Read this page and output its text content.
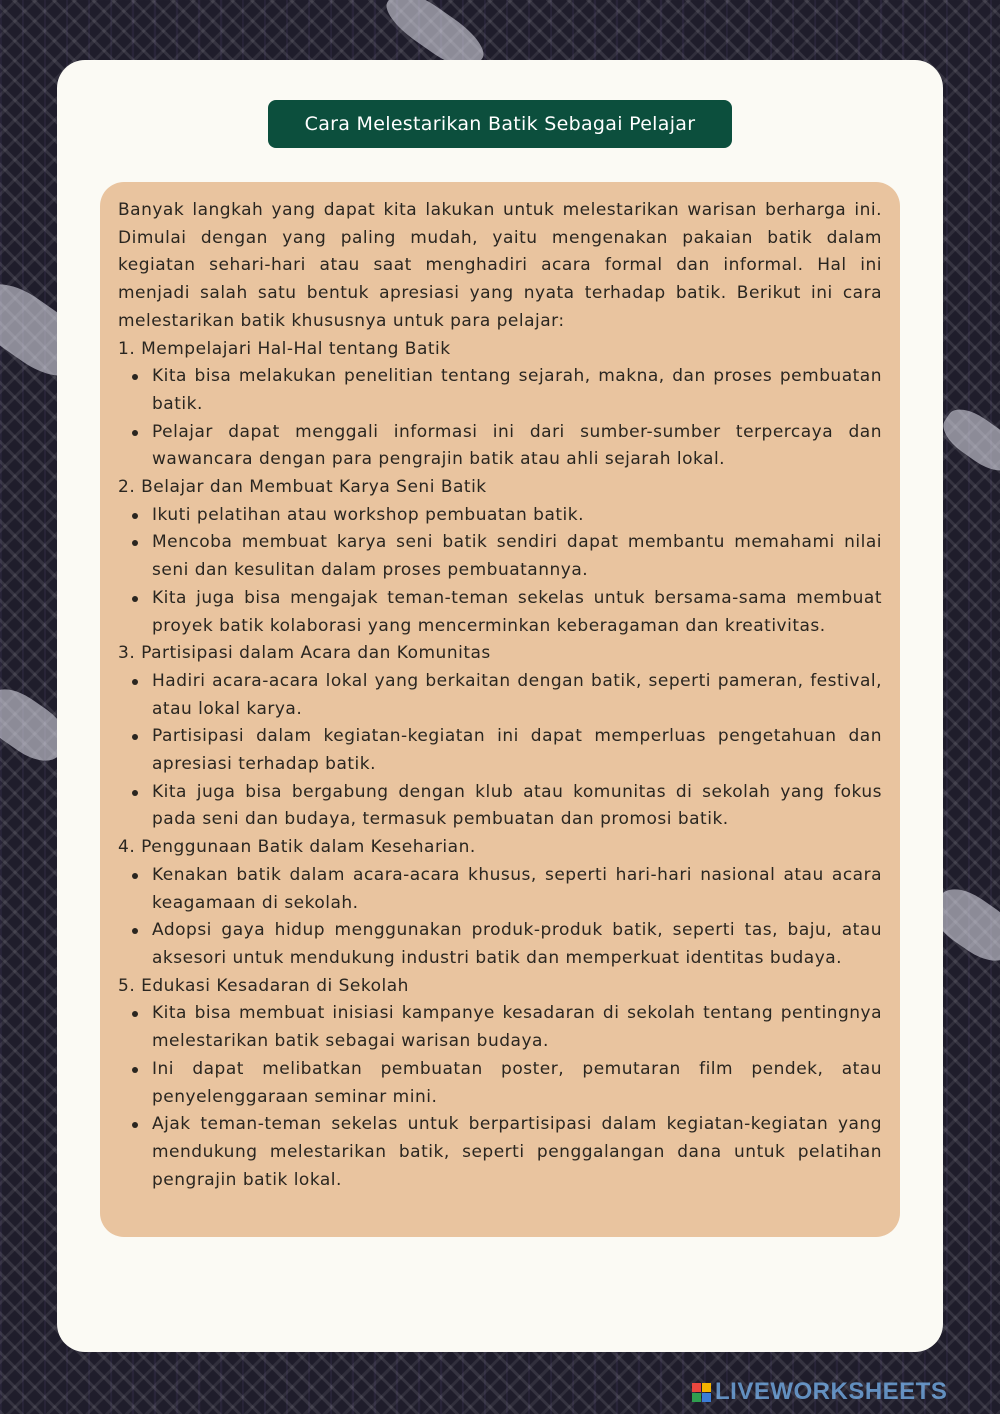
Cara Melestarikan Batik Sebagai Pelajar

Banyak langkah yang dapat kita lakukan untuk melestarikan warisan berharga ini. Dimulai dengan yang paling mudah, yaitu mengenakan pakaian batik dalam kegiatan sehari-hari atau saat menghadiri acara formal dan informal. Hal ini menjadi salah satu bentuk apresiasi yang nyata terhadap batik. Berikut ini cara melestarikan batik khususnya untuk para pelajar:

1. Mempelajari Hal-Hal tentang Batik
Kita bisa melakukan penelitian tentang sejarah, makna, dan proses pembuatan batik.
Pelajar dapat menggali informasi ini dari sumber-sumber terpercaya dan wawancara dengan para pengrajin batik atau ahli sejarah lokal.
2. Belajar dan Membuat Karya Seni Batik
Ikuti pelatihan atau workshop pembuatan batik.
Mencoba membuat karya seni batik sendiri dapat membantu memahami nilai seni dan kesulitan dalam proses pembuatannya.
Kita juga bisa mengajak teman-teman sekelas untuk bersama-sama membuat proyek batik kolaborasi yang mencerminkan keberagaman dan kreativitas.
3. Partisipasi dalam Acara dan Komunitas
Hadiri acara-acara lokal yang berkaitan dengan batik, seperti pameran, festival, atau lokal karya.
Partisipasi dalam kegiatan-kegiatan ini dapat memperluas pengetahuan dan apresiasi terhadap batik.
Kita juga bisa bergabung dengan klub atau komunitas di sekolah yang fokus pada seni dan budaya, termasuk pembuatan dan promosi batik.
4. Penggunaan Batik dalam Keseharian.
Kenakan batik dalam acara-acara khusus, seperti hari-hari nasional atau acara keagamaan di sekolah.
Adopsi gaya hidup menggunakan produk-produk batik, seperti tas, baju, atau aksesori untuk mendukung industri batik dan memperkuat identitas budaya.
5. Edukasi Kesadaran di Sekolah
Kita bisa membuat inisiasi kampanye kesadaran di sekolah tentang pentingnya melestarikan batik sebagai warisan budaya.
Ini dapat melibatkan pembuatan poster, pemutaran film pendek, atau penyelenggaraan seminar mini.
Ajak teman-teman sekelas untuk berpartisipasi dalam kegiatan-kegiatan yang mendukung melestarikan batik, seperti penggalangan dana untuk pelatihan pengrajin batik lokal.
LIVEWORKSHEETS
